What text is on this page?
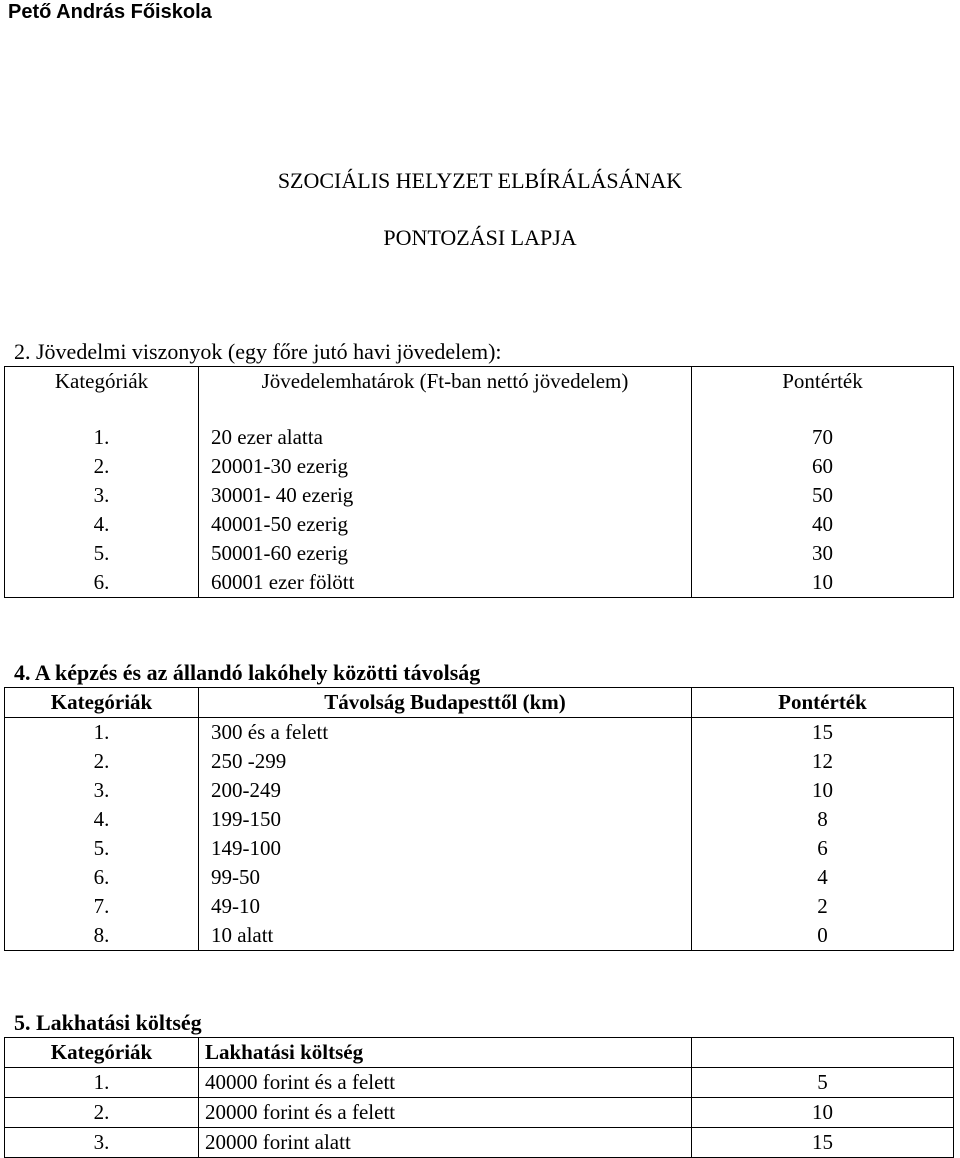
Pető András Főiskola
SZOCIÁLIS HELYZET ELBÍRÁLÁSÁNAK
PONTOZÁSI LAPJA
2. Jövedelmi viszonyok (egy főre jutó havi jövedelem):
Kategóriák	Jövedelemhatárok (Ft-ban nettó jövedelem)	Pontérték
1.	20 ezer alatta	70
2.	20001-30 ezerig	60
3.	30001- 40 ezerig	50
4.	40001-50 ezerig	40
5.	50001-60 ezerig	30
6.	60001 ezer fölött	10
4. A képzés és az állandó lakóhely közötti távolság
Kategóriák	Távolság Budapesttől (km)	Pontérték
1.	300 és a felett	15
2.	250 -299	12
3.	200-249	10
4.	199-150	8
5.	149-100	6
6.	99-50	4
7.	49-10	2
8.	10 alatt	0
5. Lakhatási költség
Kategóriák	Lakhatási költség	
1.	40000 forint és a felett	5
2.	20000 forint és a felett	10
3.	20000 forint alatt	15
